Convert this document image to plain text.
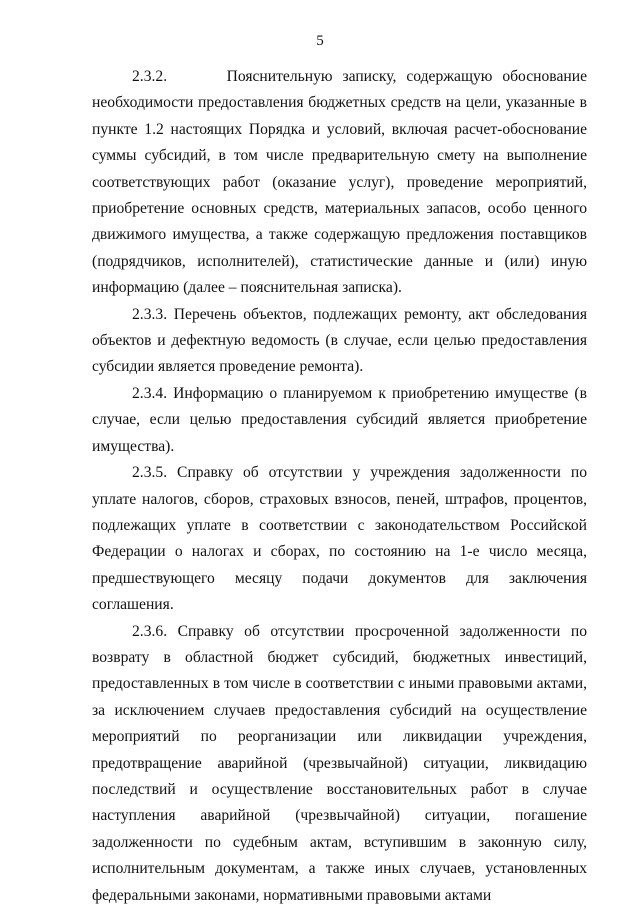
5

2.3.2.      Пояснительную записку, содержащую обоснование необходимости предоставления бюджетных средств на цели, указанные в пункте 1.2 настоящих Порядка и условий, включая расчет-обоснование суммы субсидий, в том числе предварительную смету на выполнение соответствующих работ (оказание услуг), проведение мероприятий, приобретение основных средств, материальных запасов, особо ценного движимого имущества, а также содержащую предложения поставщиков (подрядчиков, исполнителей), статистические данные и (или) иную информацию (далее – пояснительная записка).

2.3.3. Перечень объектов, подлежащих ремонту, акт обследования объектов и дефектную ведомость (в случае, если целью предоставления субсидии является проведение ремонта).

2.3.4. Информацию о планируемом к приобретению имуществе (в случае, если целью предоставления субсидий является приобретение имущества).

2.3.5. Справку об отсутствии у учреждения задолженности по уплате налогов, сборов, страховых взносов, пеней, штрафов, процентов, подлежащих уплате в соответствии с законодательством Российской Федерации о налогах и сборах, по состоянию на 1-е число месяца, предшествующего месяцу подачи документов для заключения соглашения.

2.3.6. Справку об отсутствии просроченной задолженности по возврату в областной бюджет субсидий, бюджетных инвестиций, предоставленных в том числе в соответствии с иными правовыми актами, за исключением случаев предоставления субсидий на осуществление мероприятий по реорганизации или ликвидации учреждения, предотвращение аварийной (чрезвычайной) ситуации, ликвидацию последствий и осуществление восстановительных работ в случае наступления аварийной (чрезвычайной) ситуации, погашение задолженности по судебным актам, вступившим в законную силу, исполнительным документам, а также иных случаев, установленных федеральными законами, нормативными правовыми актами
